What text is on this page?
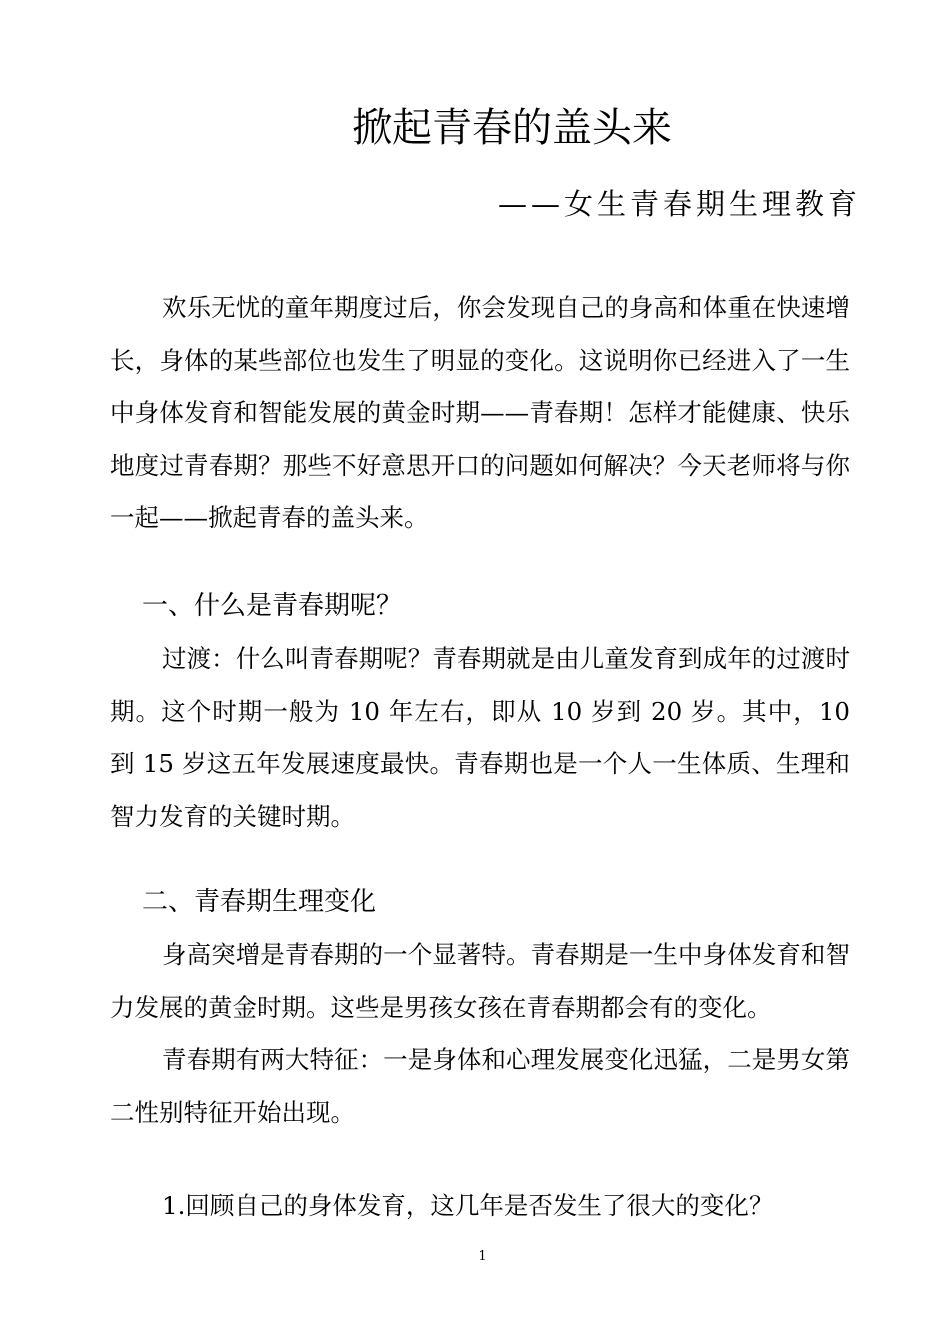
掀起青春的盖头来
——女生青春期生理教育

欢乐无忧的童年期度过后，你会发现自己的身高和体重在快速增长，身体的某些部位也发生了明显的变化。这说明你已经进入了一生中身体发育和智能发展的黄金时期——青春期！怎样才能健康、快乐地度过青春期？那些不好意思开口的问题如何解决？今天老师将与你一起——掀起青春的盖头来。

一、什么是青春期呢？

过渡：什么叫青春期呢？青春期就是由儿童发育到成年的过渡时期。这个时期一般为 10 年左右，即从 10 岁到 20 岁。其中，10 到 15 岁这五年发展速度最快。青春期也是一个人一生体质、生理和智力发育的关键时期。

二、青春期生理变化

身高突增是青春期的一个显著特。青春期是一生中身体发育和智力发展的黄金时期。这些是男孩女孩在青春期都会有的变化。

青春期有两大特征：一是身体和心理发展变化迅猛，二是男女第二性别特征开始出现。

1.回顾自己的身体发育，这几年是否发生了很大的变化？
1
